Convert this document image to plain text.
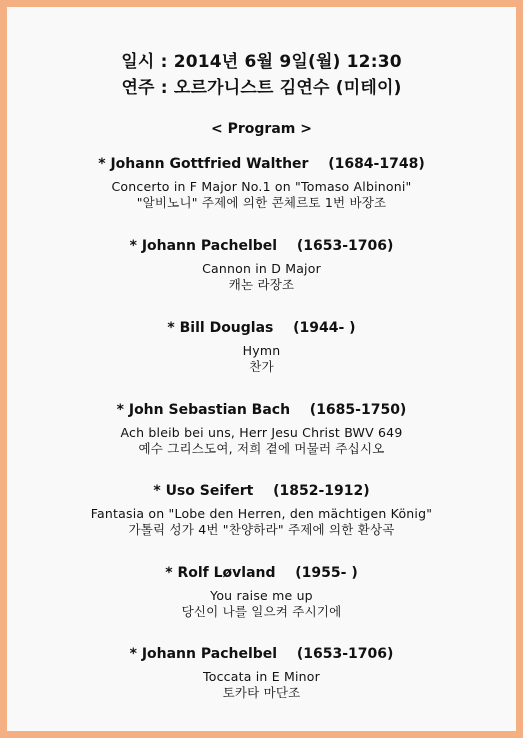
일시 : 2014년 6월 9일(월) 12:30
연주 : 오르가니스트 김연수 (미테이)
< Program >
* Johann Gottfried Walther (1684-1748)
Concerto in F Major No.1 on "Tomaso Albinoni"
"알비노니" 주제에 의한 콘체르토 1번 바장조
* Johann Pachelbel (1653-1706)
Cannon in D Major
캐논 라장조
* Bill Douglas (1944- )
Hymn
찬가
* John Sebastian Bach (1685-1750)
Ach bleib bei uns, Herr Jesu Christ BWV 649
예수 그리스도여, 저희 곁에 머물러 주십시오
* Uso Seifert (1852-1912)
Fantasia on "Lobe den Herren, den mächtigen König"
가톨릭 성가 4번 "찬양하라" 주제에 의한 환상곡
* Rolf Løvland (1955- )
You raise me up
당신이 나를 일으켜 주시기에
* Johann Pachelbel (1653-1706)
Toccata in E Minor
토카타 마단조
